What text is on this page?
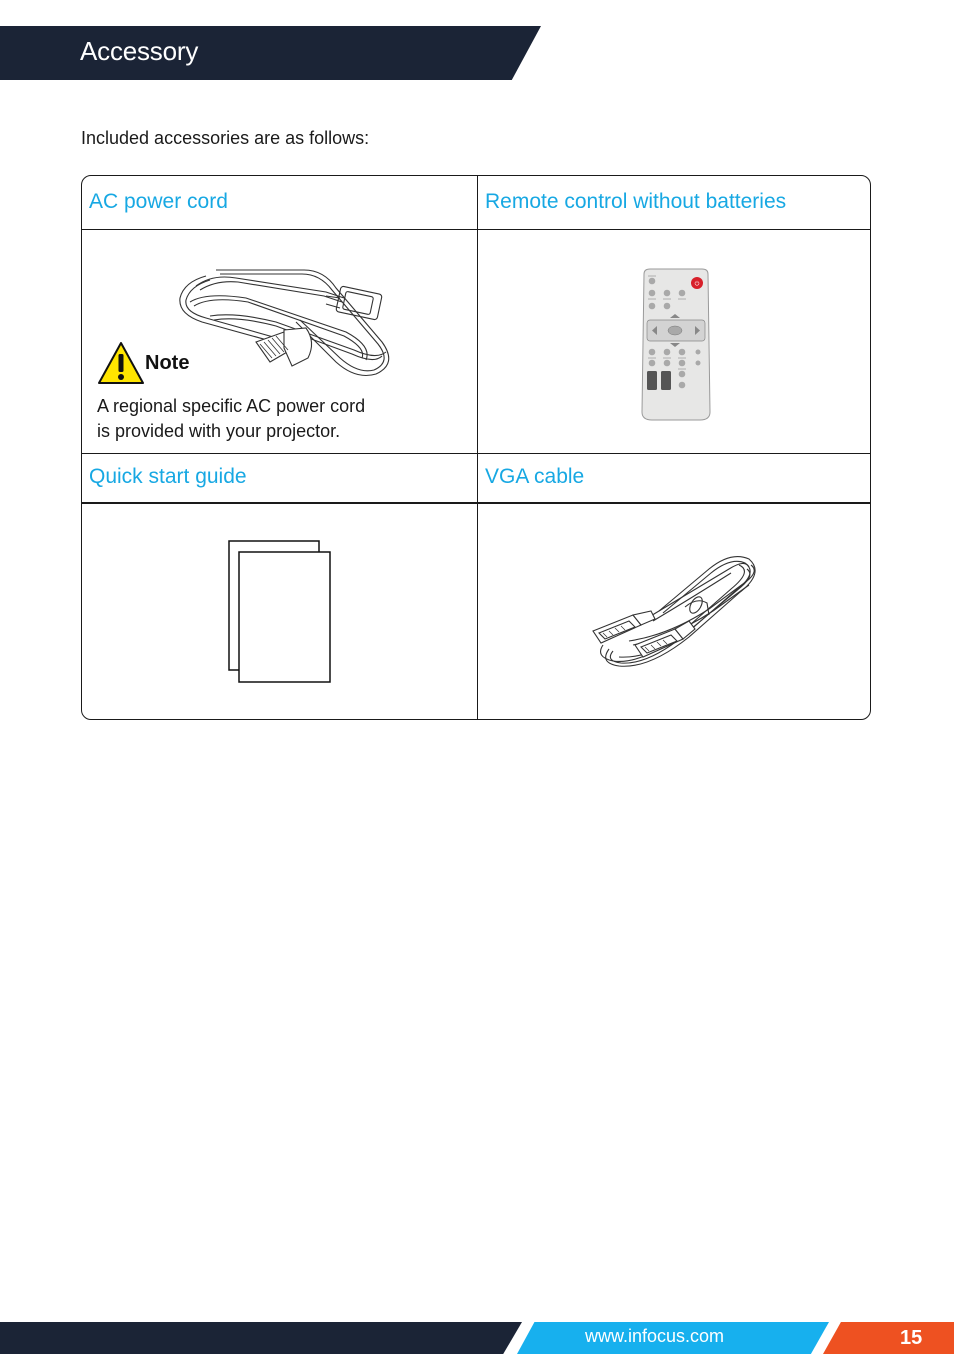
Accessory
Included accessories are as follows:
AC power cord	Remote control without batteries
Quick start guide	VGA cable
Note
A regional specific AC power cord
is provided with your projector.
⏻
www.infocus.com	15
